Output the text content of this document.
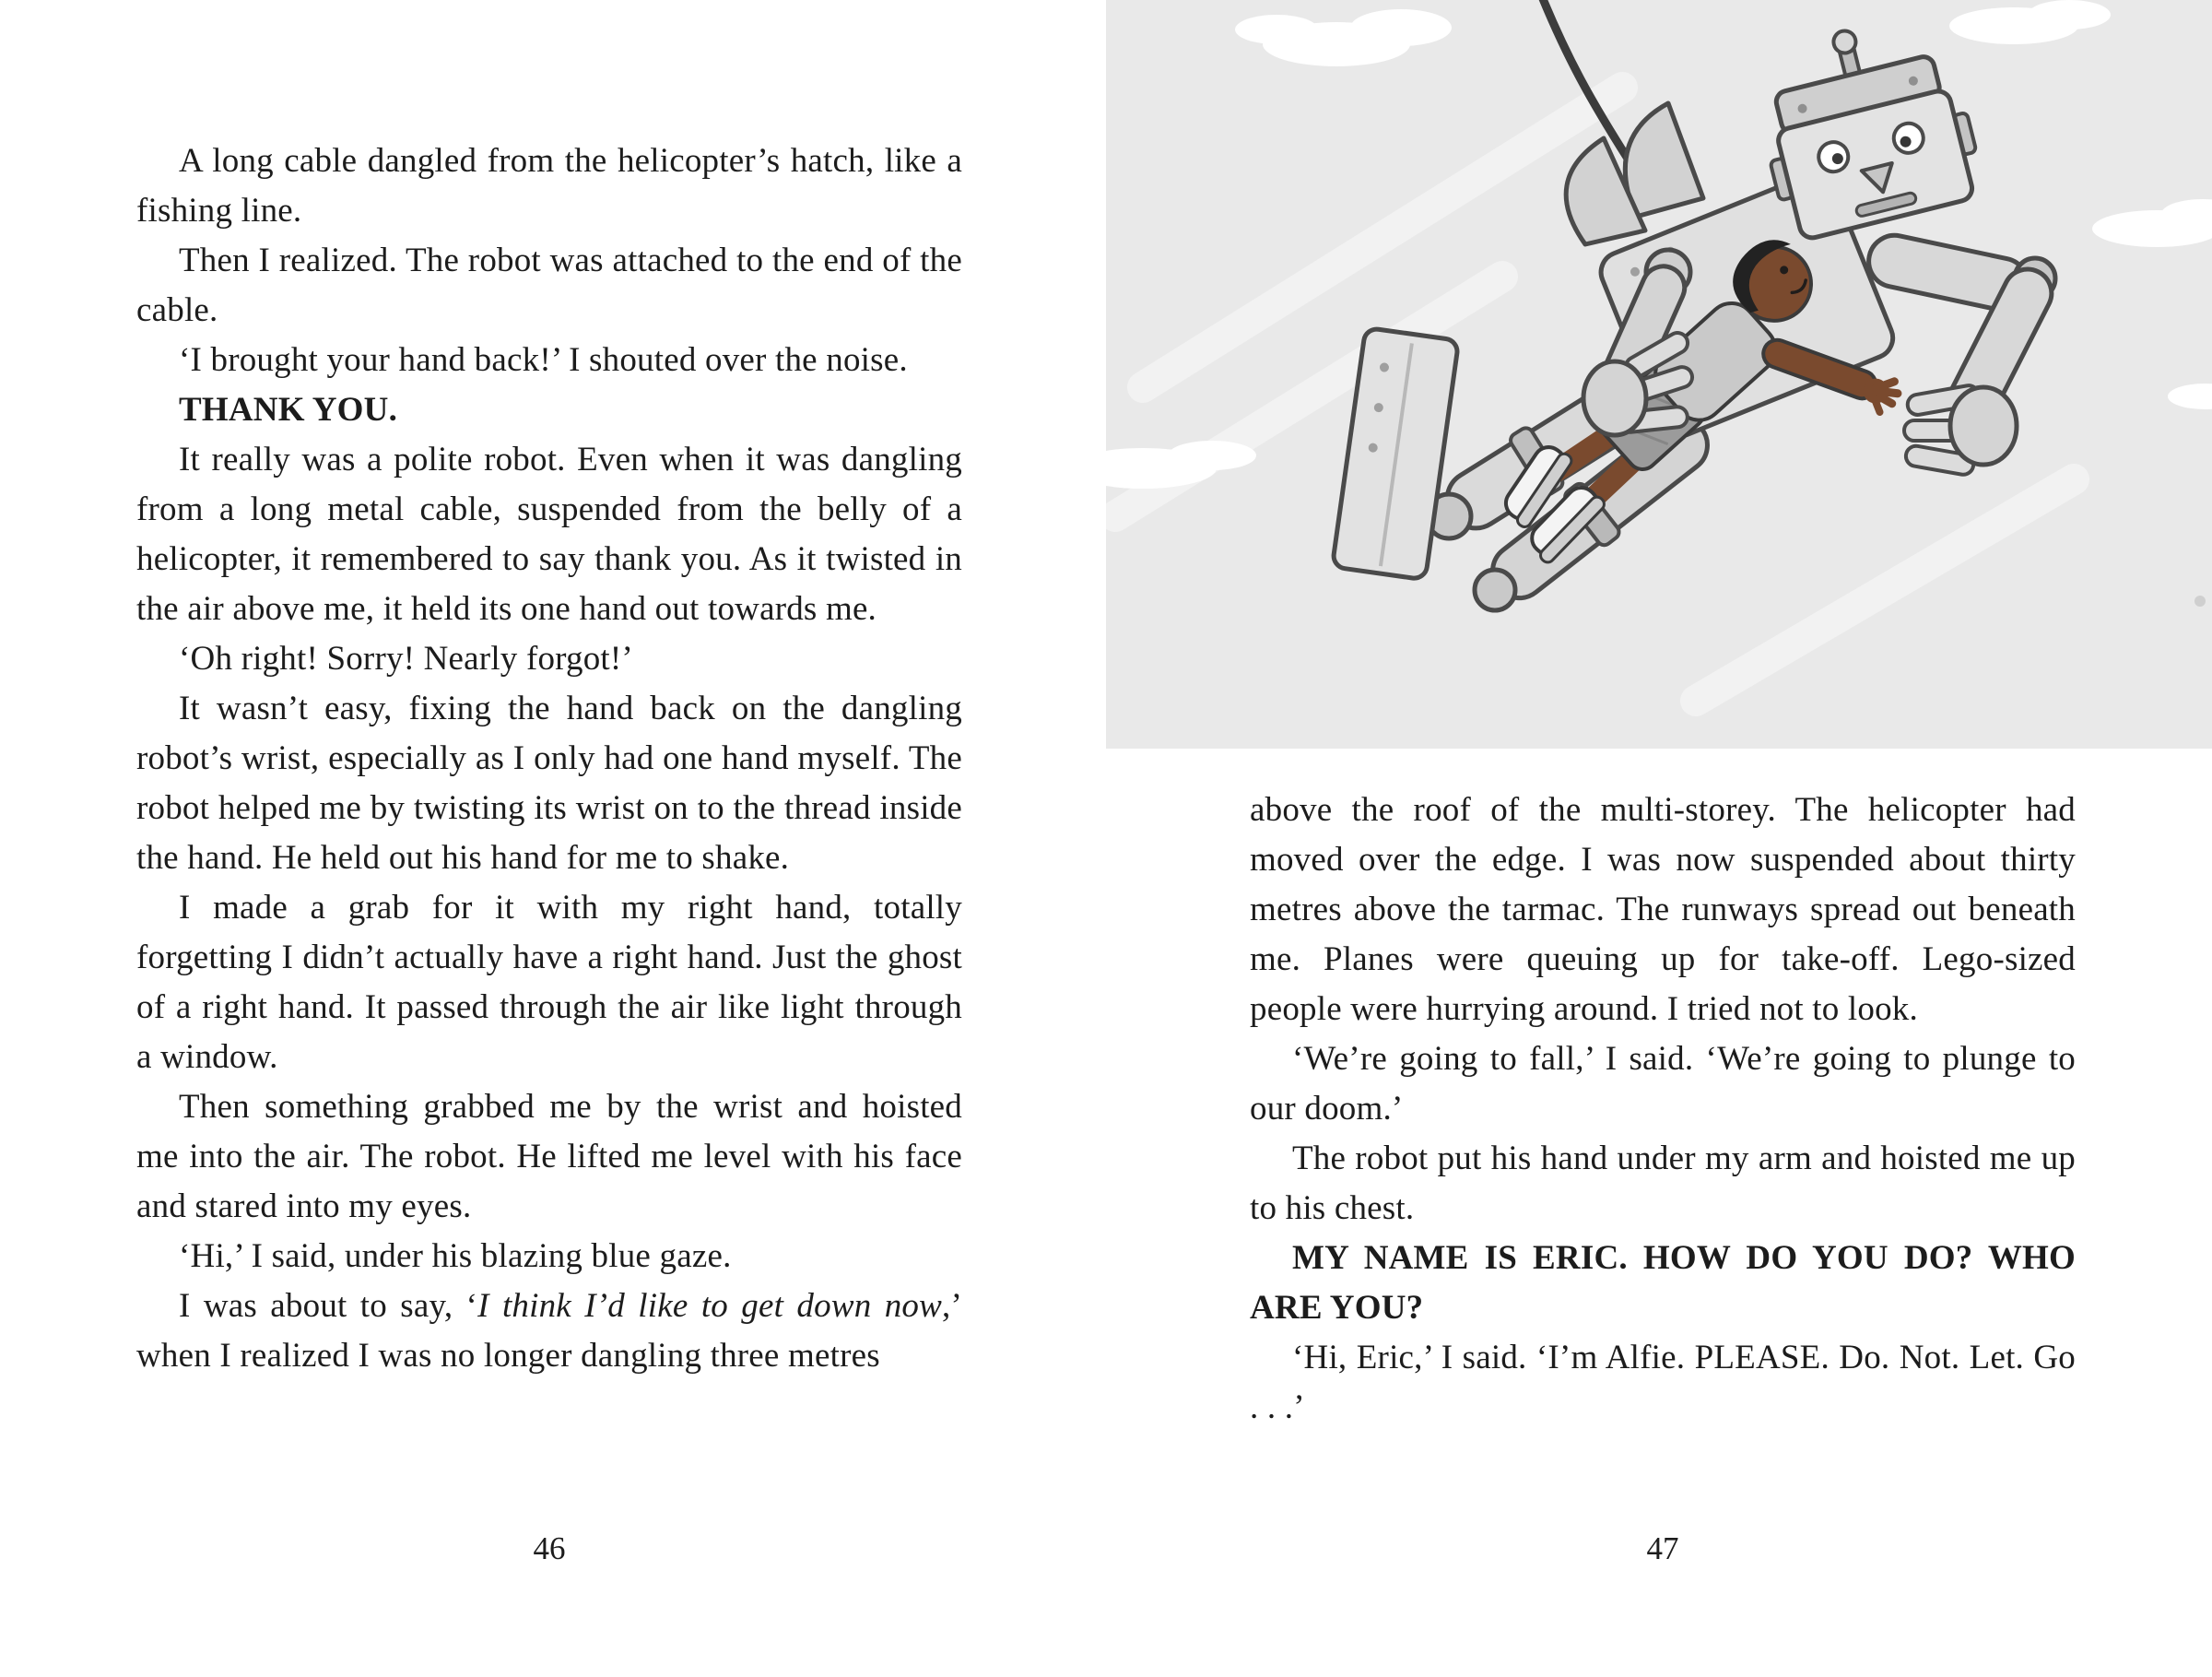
A long cable dangled from the helicopter’s hatch, like a fishing line.

Then I realized. The robot was attached to the end of the cable.

‘I brought your hand back!’ I shouted over the noise.

THANK YOU.

It really was a polite robot. Even when it was dangling from a long metal cable, suspended from the belly of a helicopter, it remembered to say thank you. As it twisted in the air above me, it held its one hand out towards me.

‘Oh right! Sorry! Nearly forgot!’

It wasn’t easy, fixing the hand back on the dangling robot’s wrist, especially as I only had one hand myself. The robot helped me by twisting its wrist on to the thread inside the hand. He held out his hand for me to shake.

I made a grab for it with my right hand, totally forgetting I didn’t actually have a right hand. Just the ghost of a right hand. It passed through the air like light through a window.

Then something grabbed me by the wrist and hoisted me into the air. The robot. He lifted me level with his face and stared into my eyes.

‘Hi,’ I said, under his blazing blue gaze.

I was about to say, ‘I think I’d like to get down now,’ when I realized I was no longer dangling three metres

above the roof of the multi-storey. The helicopter had moved over the edge. I was now suspended about thirty metres above the tarmac. The runways spread out beneath me. Planes were queuing up for take-off. Lego-sized people were hurrying around. I tried not to look.

‘We’re going to fall,’ I said. ‘We’re going to plunge to our doom.’

The robot put his hand under my arm and hoisted me up to his chest.

MY NAME IS ERIC. HOW DO YOU DO? WHO ARE YOU?

‘Hi, Eric,’ I said. ‘I’m Alfie. PLEASE. Do. Not. Let. Go . . .’

46	47
